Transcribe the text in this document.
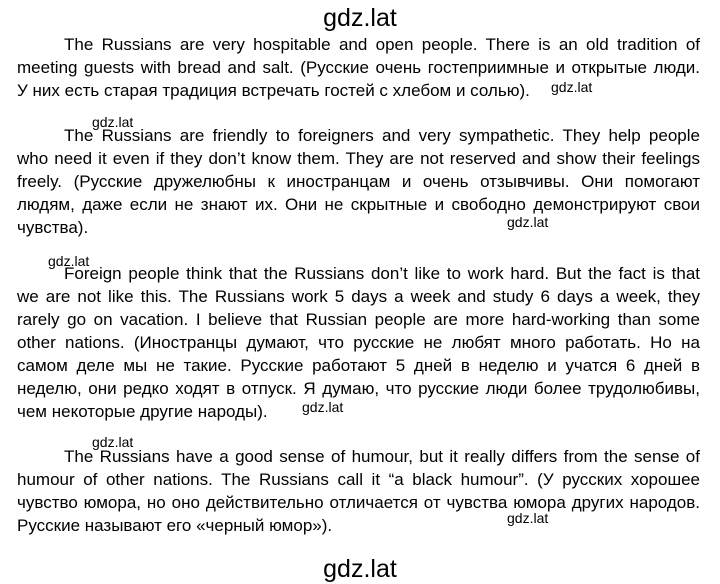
gdz.lat
The Russians are very hospitable and open people. There is an old tradition of
meeting guests with bread and salt. (Русские очень гостеприимные и открытые люди.
У них есть старая традиция встречать гостей с хлебом и солью).
The Russians are friendly to foreigners and very sympathetic. They help people
who need it even if they don’t know them. They are not reserved and show their feelings
freely. (Русские дружелюбны к иностранцам и очень отзывчивы. Они помогают
людям, даже если не знают их. Они не скрытные и свободно демонстрируют свои
чувства).
Foreign people think that the Russians don’t like to work hard. But the fact is that
we are not like this. The Russians work 5 days a week and study 6 days a week, they
rarely go on vacation. I believe that Russian people are more hard-working than some
other nations. (Иностранцы думают, что русские не любят много работать. Но на
самом деле мы не такие. Русские работают 5 дней в неделю и учатся 6 дней в
неделю, они редко ходят в отпуск. Я думаю, что русские люди более трудолюбивы,
чем некоторые другие народы).
The Russians have a good sense of humour, but it really differs from the sense of
humour of other nations. The Russians call it “a black humour”. (У русских хорошее
чувство юмора, но оно действительно отличается от чувства юмора других народов.
Русские называют его «черный юмор»).
gdz.lat
gdz.lat
gdz.lat
gdz.lat
gdz.lat
gdz.lat
gdz.lat
gdz.lat
